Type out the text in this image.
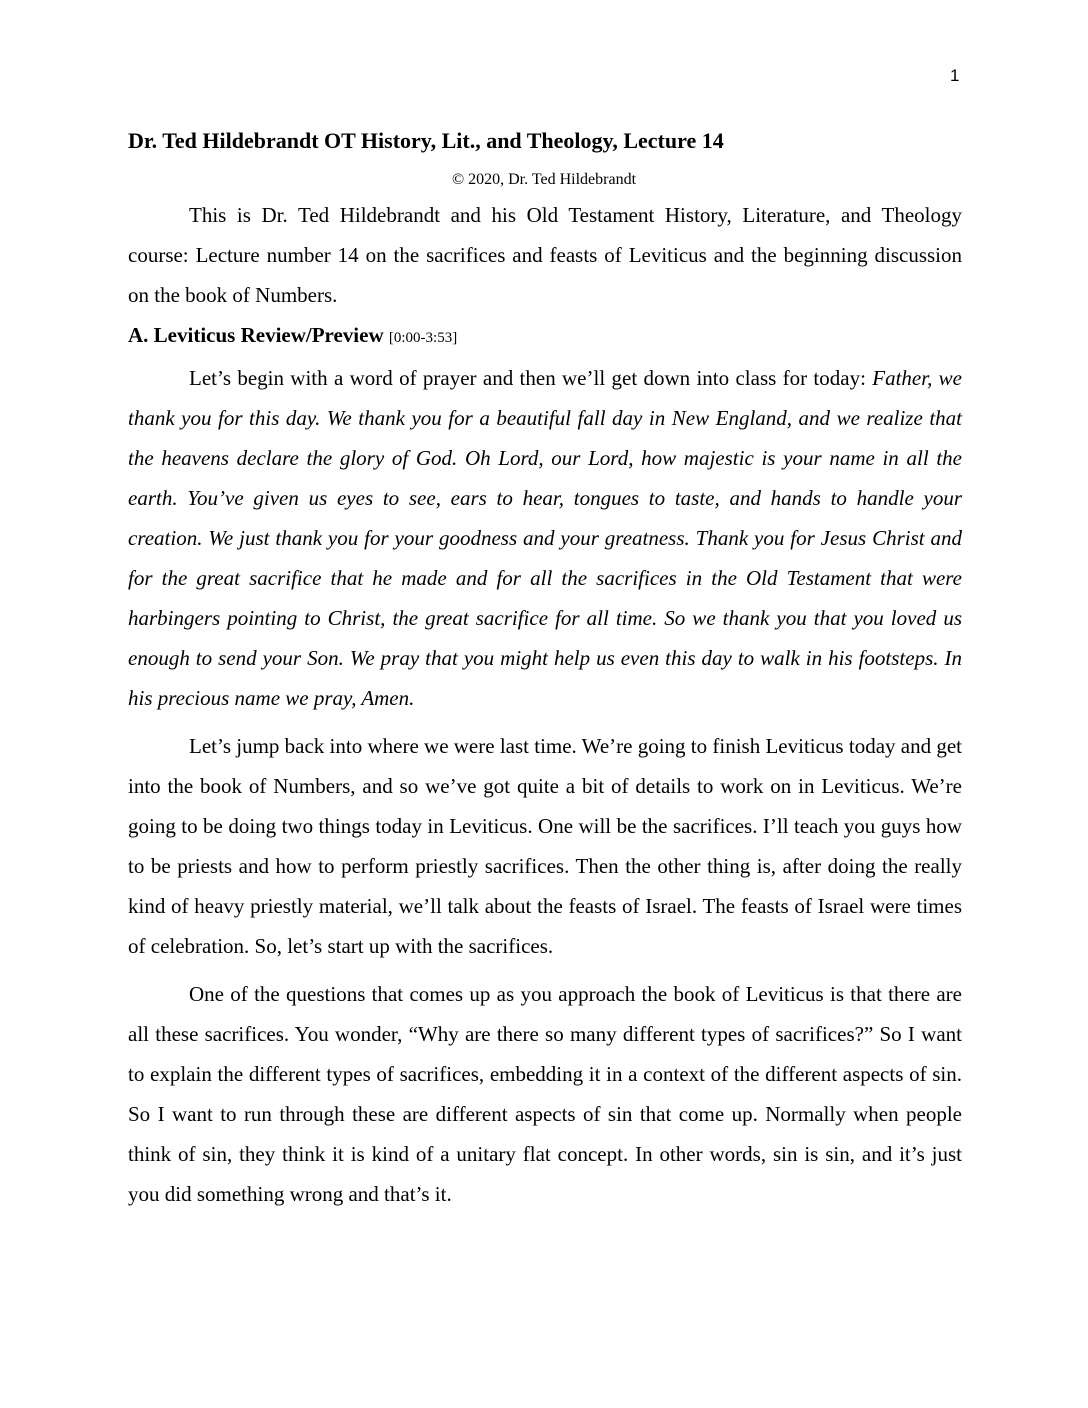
1
Dr. Ted Hildebrandt OT History, Lit., and Theology, Lecture 14
© 2020, Dr. Ted Hildebrandt

This is Dr. Ted Hildebrandt and his Old Testament History, Literature, and Theology course: Lecture number 14 on the sacrifices and feasts of Leviticus and the beginning discussion on the book of Numbers.

A. Leviticus Review/Preview [0:00-3:53]

Let’s begin with a word of prayer and then we’ll get down into class for today: Father, we thank you for this day. We thank you for a beautiful fall day in New England, and we realize that the heavens declare the glory of God. Oh Lord, our Lord, how majestic is your name in all the earth. You’ve given us eyes to see, ears to hear, tongues to taste, and hands to handle your creation. We just thank you for your goodness and your greatness. Thank you for Jesus Christ and for the great sacrifice that he made and for all the sacrifices in the Old Testament that were harbingers pointing to Christ, the great sacrifice for all time. So we thank you that you loved us enough to send your Son. We pray that you might help us even this day to walk in his footsteps. In his precious name we pray, Amen.

Let’s jump back into where we were last time. We’re going to finish Leviticus today and get into the book of Numbers, and so we’ve got quite a bit of details to work on in Leviticus. We’re going to be doing two things today in Leviticus. One will be the sacrifices. I’ll teach you guys how to be priests and how to perform priestly sacrifices. Then the other thing is, after doing the really kind of heavy priestly material, we’ll talk about the feasts of Israel. The feasts of Israel were times of celebration. So, let’s start up with the sacrifices.

One of the questions that comes up as you approach the book of Leviticus is that there are all these sacrifices. You wonder, “Why are there so many different types of sacrifices?” So I want to explain the different types of sacrifices, embedding it in a context of the different aspects of sin. So I want to run through these are different aspects of sin that come up. Normally when people think of sin, they think it is kind of a unitary flat concept. In other words, sin is sin, and it’s just you did something wrong and that’s it.
